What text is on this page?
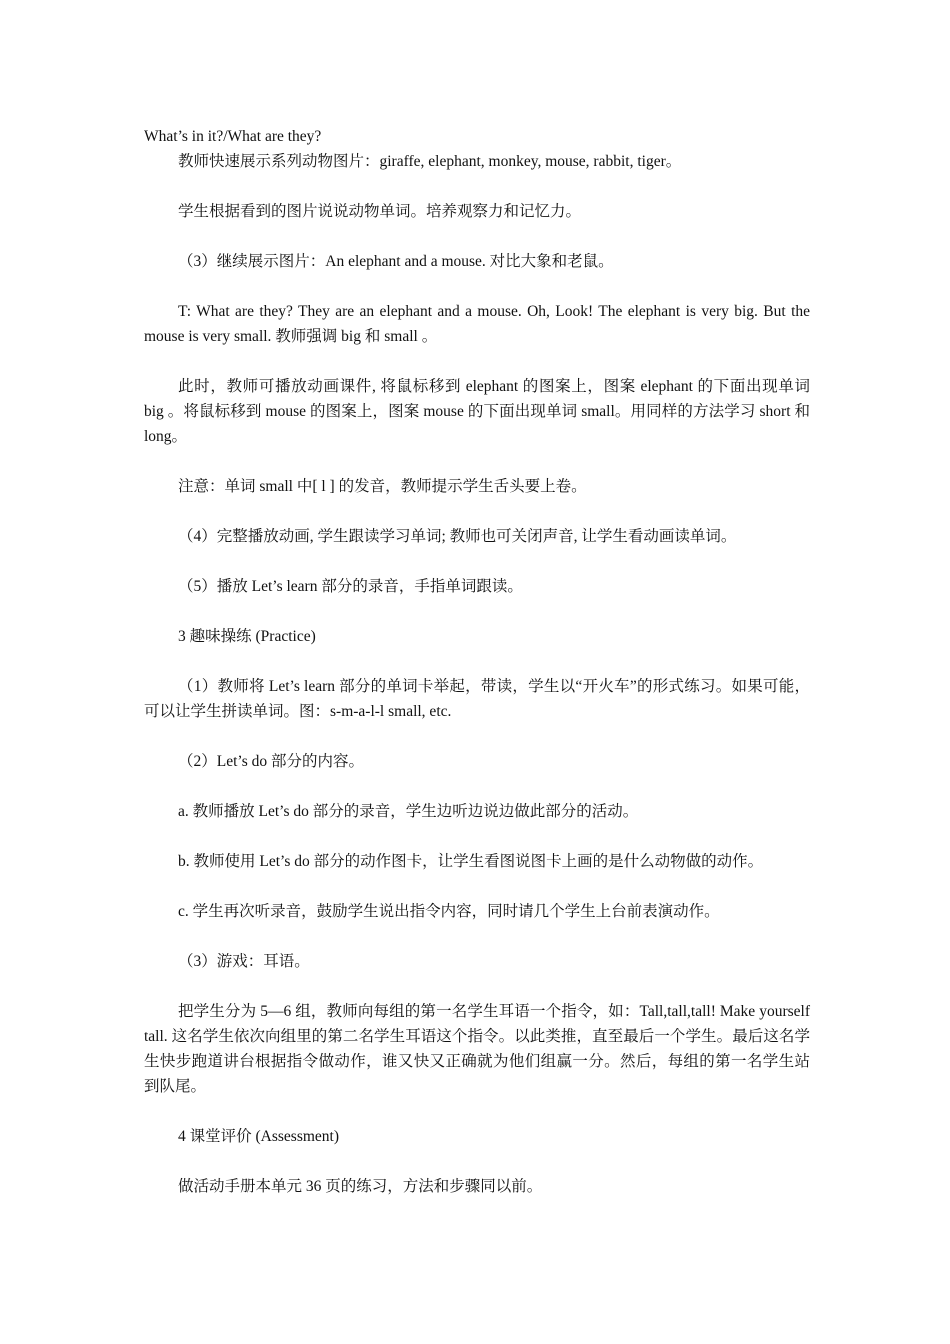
What’s in it?/What are they?

教师快速展示系列动物图片：giraffe, elephant, monkey, mouse, rabbit, tiger。

学生根据看到的图片说说动物单词。培养观察力和记忆力。

（3）继续展示图片：An elephant and a mouse. 对比大象和老鼠。

T: What are they? They are an elephant and a mouse. Oh, Look! The elephant is very big. But the mouse is very small. 教师强调 big 和 small 。

此时，教师可播放动画课件, 将鼠标移到 elephant 的图案上，图案 elephant 的下面出现单词 big 。将鼠标移到 mouse 的图案上，图案 mouse 的下面出现单词 small。用同样的方法学习 short 和 long。

注意：单词 small 中[ l ] 的发音，教师提示学生舌头要上卷。

（4）完整播放动画, 学生跟读学习单词; 教师也可关闭声音, 让学生看动画读单词。

（5）播放 Let’s learn 部分的录音，手指单词跟读。

3 趣味操练 (Practice)

（1）教师将 Let’s learn 部分的单词卡举起，带读，学生以“开火车”的形式练习。如果可能，可以让学生拼读单词。图：s-m-a-l-l small, etc.

（2）Let’s do 部分的内容。

a. 教师播放 Let’s do 部分的录音，学生边听边说边做此部分的活动。

b. 教师使用 Let’s do 部分的动作图卡，让学生看图说图卡上画的是什么动物做的动作。

c. 学生再次听录音，鼓励学生说出指令内容，同时请几个学生上台前表演动作。

（3）游戏：耳语。

把学生分为 5—6 组，教师向每组的第一名学生耳语一个指令，如：Tall,tall,tall! Make yourself tall. 这名学生依次向组里的第二名学生耳语这个指令。以此类推，直至最后一个学生。最后这名学生快步跑道讲台根据指令做动作，谁又快又正确就为他们组赢一分。然后，每组的第一名学生站到队尾。

4 课堂评价 (Assessment)

做活动手册本单元 36 页的练习，方法和步骤同以前。
